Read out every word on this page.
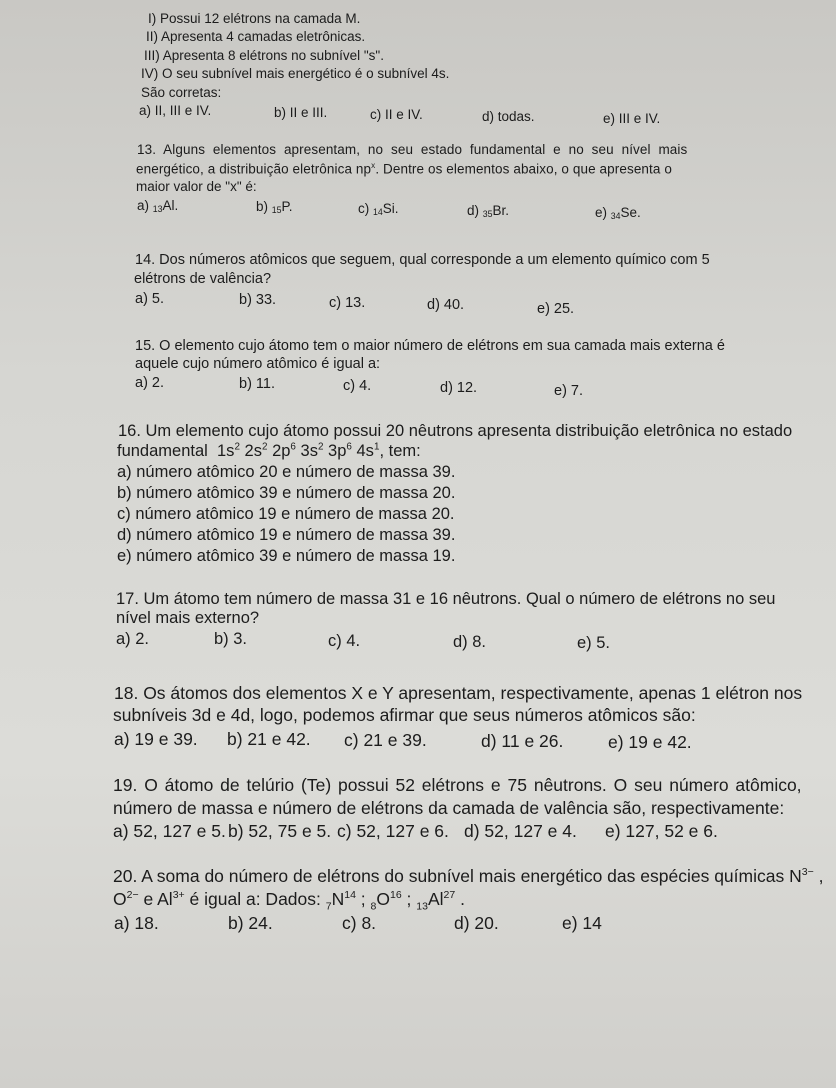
I) Possui 12 elétrons na camada M.
II) Apresenta 4 camadas eletrônicas.
III) Apresenta 8 elétrons no subnível "s".
IV) O seu subnível mais energético é o subnível 4s.
São corretas:
a) II, III e IV.	b) II e III.	c) II e IV.	d) todas.	e) III e IV.
13. Alguns elementos apresentam, no seu estado fundamental e no seu nível mais
energético, a distribuição eletrônica $np^x$. Dentre os elementos abaixo, o que apresenta o
maior valor de "x" é:
a) 13Al.	b) 15P.	c) 14Si.	d) 35Br.	e) 34Se.
14. Dos números atômicos que seguem, qual corresponde a um elemento químico com 5
elétrons de valência?
a) 5.	b) 33.	c) 13.	d) 40.	e) 25.
15. O elemento cujo átomo tem o maior número de elétrons em sua camada mais externa é
aquele cujo número atômico é igual a:
a) 2.	b) 11.	c) 4.	d) 12.	e) 7.
16. Um elemento cujo átomo possui 20 nêutrons apresenta distribuição eletrônica no estado
fundamental $1s^2$ $2s^2$ $2p^6$ $3s^2$ $3p^6$ $4s^1$, tem:
a) número atômico 20 e número de massa 39.
b) número atômico 39 e número de massa 20.
c) número atômico 19 e número de massa 20.
d) número atômico 19 e número de massa 39.
e) número atômico 39 e número de massa 19.
17. Um átomo tem número de massa 31 e 16 nêutrons. Qual o número de elétrons no seu
nível mais externo?
a) 2.	b) 3.	c) 4.	d) 8.	e) 5.
18. Os átomos dos elementos X e Y apresentam, respectivamente, apenas 1 elétron nos
subníveis 3d e 4d, logo, podemos afirmar que seus números atômicos são:
a) 19 e 39. b) 21 e 42. c) 21 e 39.	d) 11 e 26.	e) 19 e 42.
19. O átomo de telúrio (Te) possui 52 elétrons e 75 nêutrons. O seu número atômico,
número de massa e número de elétrons da camada de valência são, respectivamente:
a) 52, 127 e 5. b) 52, 75 e 5. c) 52, 127 e 6. d) 52, 127 e 4. e) 127, 52 e 6.
20. A soma do número de elétrons do subnível mais energético das espécies químicas $N^{3-}$ ,
$O^{2-}$ e $Al^{3+}$ é igual a: Dados: $_7N^{14}$ ; $_8O^{16}$ ; $_{13}Al^{27}$ .
a) 18.	b) 24.	c) 8.	d) 20.	e) 14
